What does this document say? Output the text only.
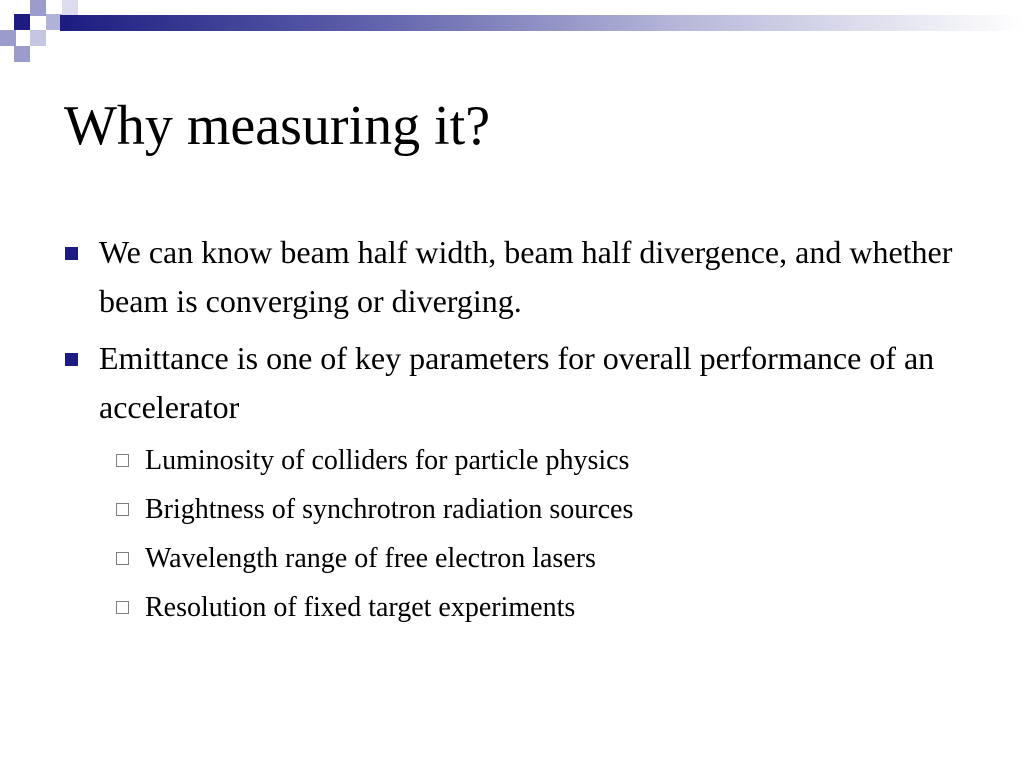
Why measuring it?
We can know beam half width, beam half divergence, and whether beam is converging or diverging.
Emittance is one of key parameters for overall performance of an accelerator
Luminosity of colliders for particle physics
Brightness of synchrotron radiation sources
Wavelength range of free electron lasers
Resolution of fixed target experiments
